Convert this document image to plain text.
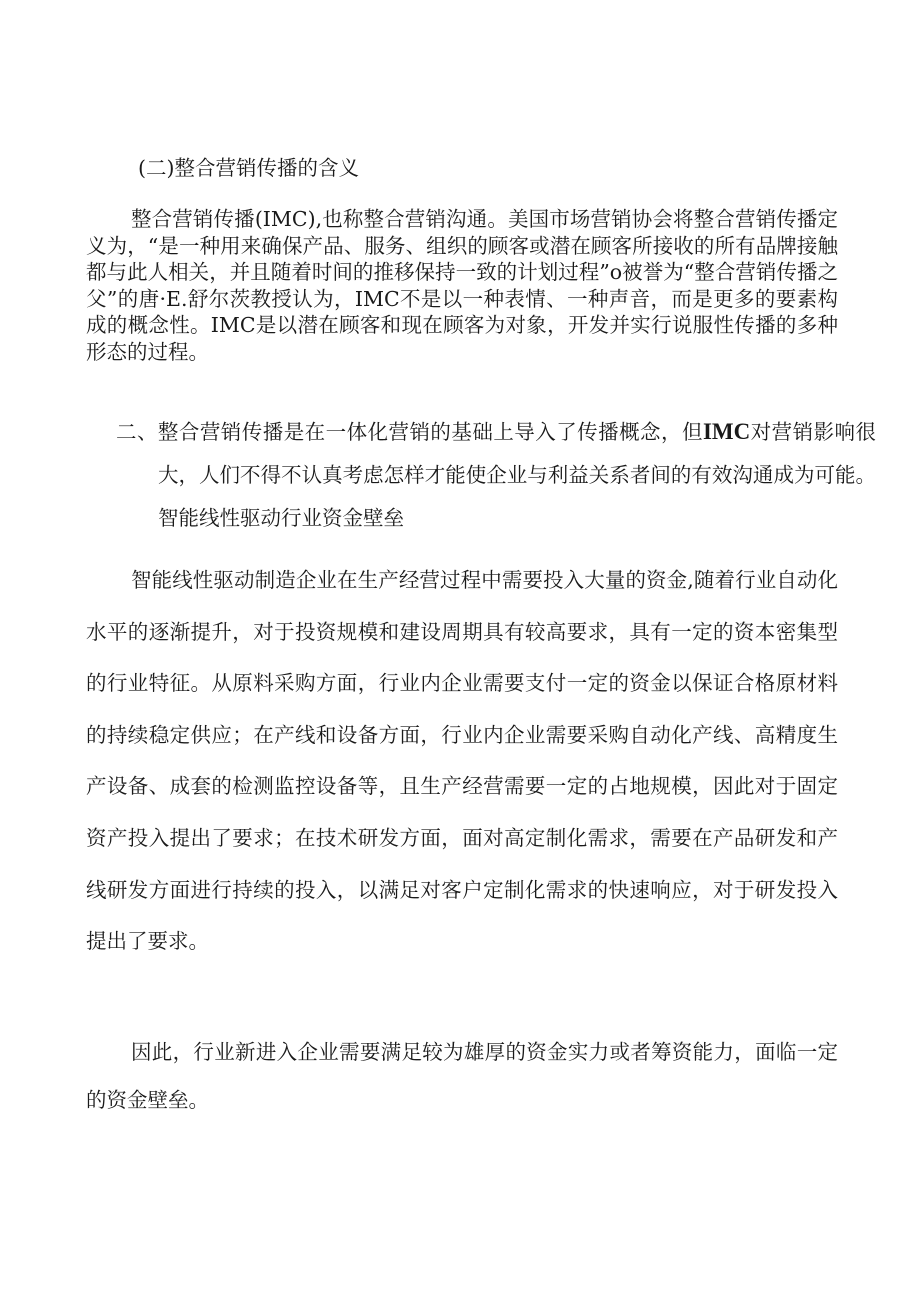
(二)整合营销传播的含义

整合营销传播(IMC),也称整合营销沟通。美国市场营销协会将整合营销传播定义为，“是一种用来确保产品、服务、组织的顾客或潜在顾客所接收的所有品牌接触都与此人相关，并且随着时间的推移保持一致的计划过程”o被誉为“整合营销传播之父”的唐·E.舒尔茨教授认为，IMC不是以一种表情、一种声音，而是更多的要素构成的概念性。IMC是以潜在顾客和现在顾客为对象，开发并实行说服性传播的多种形态的过程。

二、整合营销传播是在一体化营销的基础上导入了传播概念，但IMC对营销影响很大，人们不得不认真考虑怎样才能使企业与利益关系者间的有效沟通成为可能。智能线性驱动行业资金壁垒

智能线性驱动制造企业在生产经营过程中需要投入大量的资金,随着行业自动化水平的逐渐提升，对于投资规模和建设周期具有较高要求，具有一定的资本密集型的行业特征。从原料采购方面，行业内企业需要支付一定的资金以保证合格原材料的持续稳定供应；在产线和设备方面，行业内企业需要采购自动化产线、高精度生产设备、成套的检测监控设备等，且生产经营需要一定的占地规模，因此对于固定资产投入提出了要求；在技术研发方面，面对高定制化需求，需要在产品研发和产线研发方面进行持续的投入，以满足对客户定制化需求的快速响应，对于研发投入提出了要求。

因此，行业新进入企业需要满足较为雄厚的资金实力或者筹资能力，面临一定的资金壁垒。
